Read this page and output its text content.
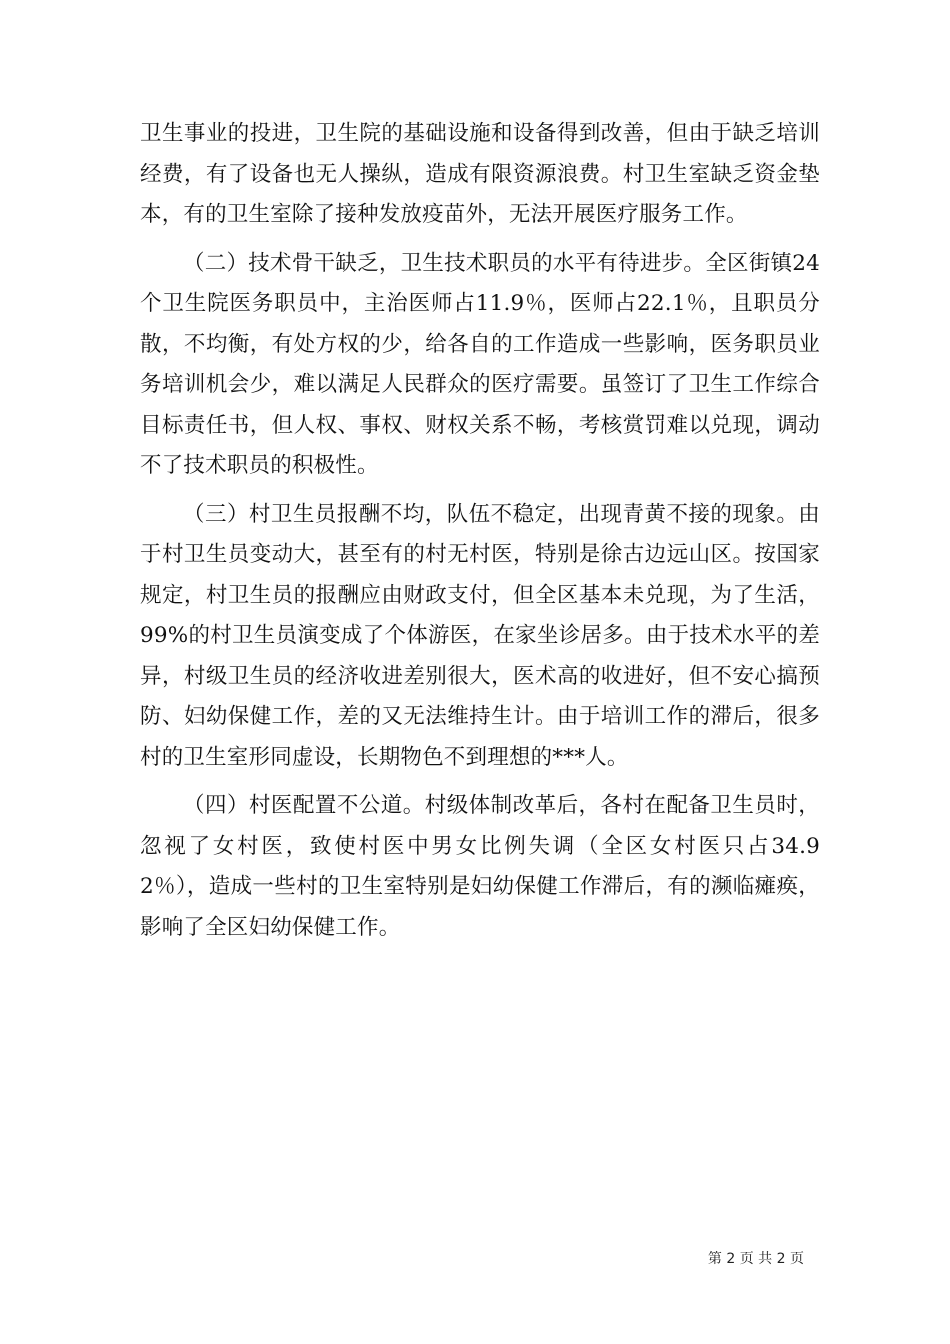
卫生事业的投进，卫生院的基础设施和设备得到改善，但由于缺乏培训经费，有了设备也无人操纵，造成有限资源浪费。村卫生室缺乏资金垫本，有的卫生室除了接种发放疫苗外，无法开展医疗服务工作。

（二）技术骨干缺乏，卫生技术职员的水平有待进步。全区街镇24个卫生院医务职员中，主治医师占11.9％，医师占22.1％，且职员分散，不均衡，有处方权的少，给各自的工作造成一些影响，医务职员业务培训机会少，难以满足人民群众的医疗需要。虽签订了卫生工作综合目标责任书，但人权、事权、财权关系不畅，考核赏罚难以兑现，调动不了技术职员的积极性。

（三）村卫生员报酬不均，队伍不稳定，出现青黄不接的现象。由于村卫生员变动大，甚至有的村无村医，特别是徐古边远山区。按国家规定，村卫生员的报酬应由财政支付，但全区基本未兑现，为了生活，99%的村卫生员演变成了个体游医，在家坐诊居多。由于技术水平的差异，村级卫生员的经济收进差别很大，医术高的收进好，但不安心搞预防、妇幼保健工作，差的又无法维持生计。由于培训工作的滞后，很多村的卫生室形同虚设，长期物色不到理想的***人。

（四）村医配置不公道。村级体制改革后，各村在配备卫生员时，忽视了女村医，致使村医中男女比例失调（全区女村医只占34.92％），造成一些村的卫生室特别是妇幼保健工作滞后，有的濒临瘫痪，影响了全区妇幼保健工作。

第 2 页 共 2 页
